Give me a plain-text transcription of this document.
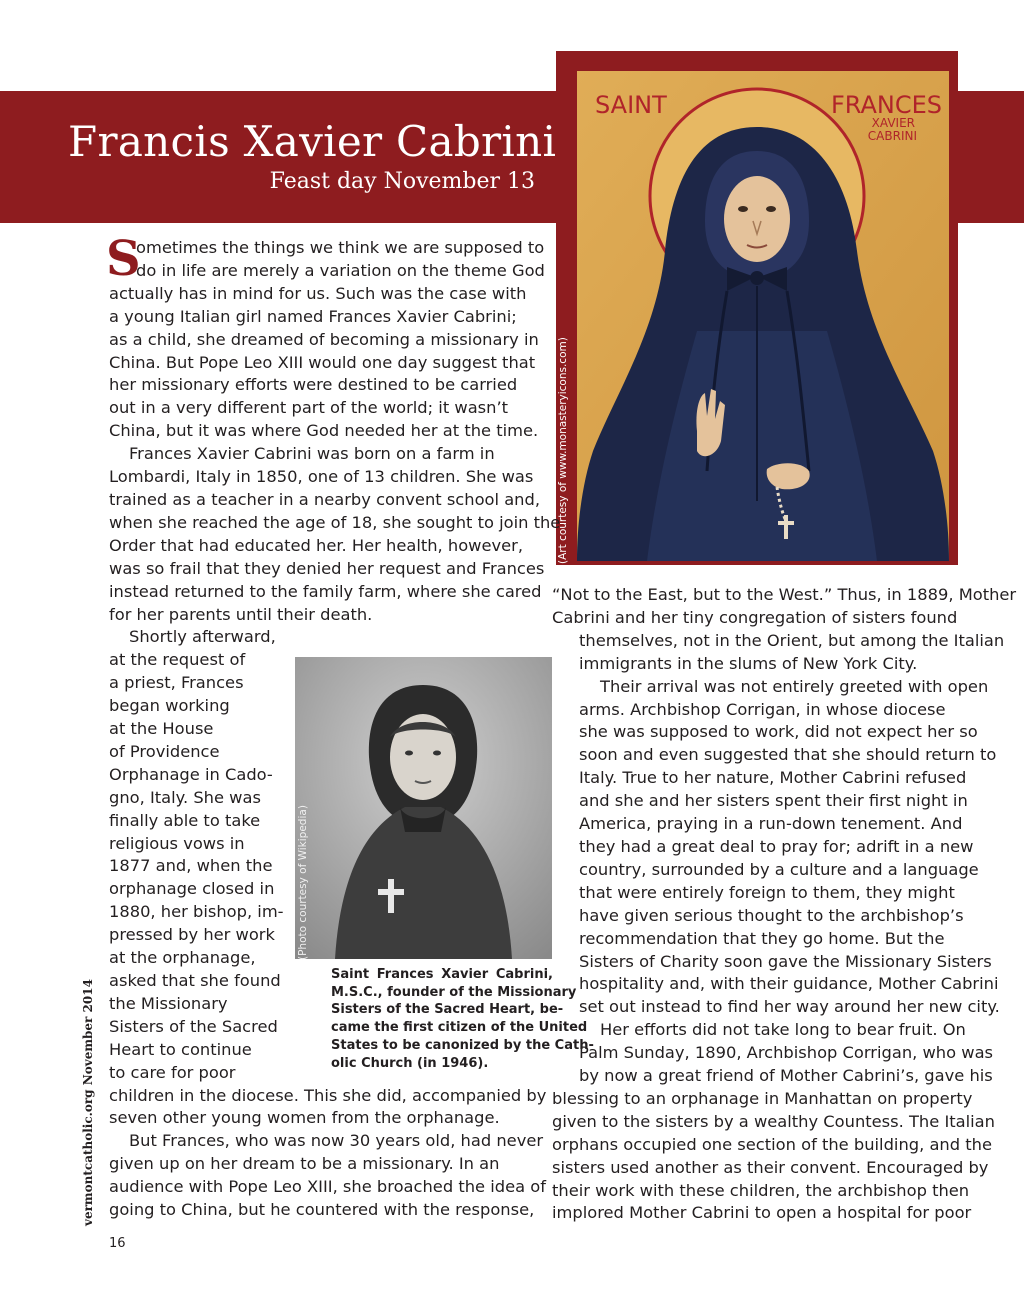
Francis Xavier Cabrini
Feast day November 13
SAINT	FRANCES
XAVIER
CABRINI
(Art courtesy of www.monasteryicons.com)
(Photo courtesy of Wikipedia)

Saint Frances Xavier Cabrini,
M.S.C., founder of the Missionary
Sisters of the Sacred Heart, be-
came the first citizen of the United
States to be canonized by the Cath-
olic Church (in 1946).

S
ometimes the things we think we are supposed to
do in life are merely a variation on the theme God
actually has in mind for us. Such was the case with
a young Italian girl named Frances Xavier Cabrini;
as a child, she dreamed of becoming a missionary in
China. But Pope Leo XIII would one day suggest that
her missionary efforts were destined to be carried
out in a very different part of the world; it wasn’t
China, but it was where God needed her at the time.
Frances Xavier Cabrini was born on a farm in
Lombardi, Italy in 1850, one of 13 children. She was
trained as a teacher in a nearby convent school and,
when she reached the age of 18, she sought to join the
Order that had educated her. Her health, however,
was so frail that they denied her request and Frances
instead returned to the family farm, where she cared
for her parents until their death.
Shortly afterward,
at the request of
a priest, Frances
began working
at the House
of Providence
Orphanage in Cado-
gno, Italy. She was
finally able to take
religious vows in
1877 and, when the
orphanage closed in
1880, her bishop, im-
pressed by her work
at the orphanage,
asked that she found
the Missionary
Sisters of the Sacred
Heart to continue
to care for poor
children in the diocese. This she did, accompanied by
seven other young women from the orphanage.
But Frances, who was now 30 years old, had never
given up on her dream to be a missionary. In an
audience with Pope Leo XIII, she broached the idea of
going to China, but he countered with the response,
“Not to the East, but to the West.” Thus, in 1889, Mother
Cabrini and her tiny congregation of sisters found
themselves, not in the Orient, but among the Italian
immigrants in the slums of New York City.
Their arrival was not entirely greeted with open
arms. Archbishop Corrigan, in whose diocese
she was supposed to work, did not expect her so
soon and even suggested that she should return to
Italy. True to her nature, Mother Cabrini refused
and she and her sisters spent their first night in
America, praying in a run-down tenement. And
they had a great deal to pray for; adrift in a new
country, surrounded by a culture and a language
that were entirely foreign to them, they might
have given serious thought to the archbishop’s
recommendation that they go home. But the
Sisters of Charity soon gave the Missionary Sisters
hospitality and, with their guidance, Mother Cabrini
set out instead to find her way around her new city.
Her efforts did not take long to bear fruit. On
Palm Sunday, 1890, Archbishop Corrigan, who was
by now a great friend of Mother Cabrini’s, gave his
blessing to an orphanage in Manhattan on property
given to the sisters by a wealthy Countess. The Italian
orphans occupied one section of the building, and the
sisters used another as their convent. Encouraged by
their work with these children, the archbishop then
implored Mother Cabrini to open a hospital for poor
vermontcatholic.org November 2014
16
